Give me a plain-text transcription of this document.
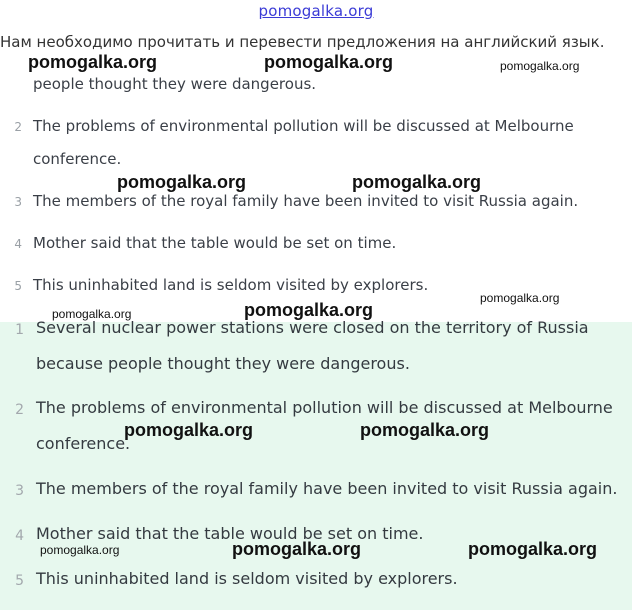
pomogalka.org
Нам необходимо прочитать и перевести предложения на английский язык.
people thought they were dangerous.
2 The problems of environmental pollution will be discussed at Melbourne
conference.
3 The members of the royal family have been invited to visit Russia again.
4 Mother said that the table would be set on time.
5 This uninhabited land is seldom visited by explorers.
1 Several nuclear power stations were closed on the territory of Russia
because people thought they were dangerous.
2 The problems of environmental pollution will be discussed at Melbourne
conference.
3 The members of the royal family have been invited to visit Russia again.
4 Mother said that the table would be set on time.
5 This uninhabited land is seldom visited by explorers.
pomogalka.org	pomogalka.org	pomogalka.org
pomogalka.org	pomogalka.org
pomogalka.org	pomogalka.org
pomogalka.org
pomogalka.org	pomogalka.org
pomogalka.org	pomogalka.org	pomogalka.org
